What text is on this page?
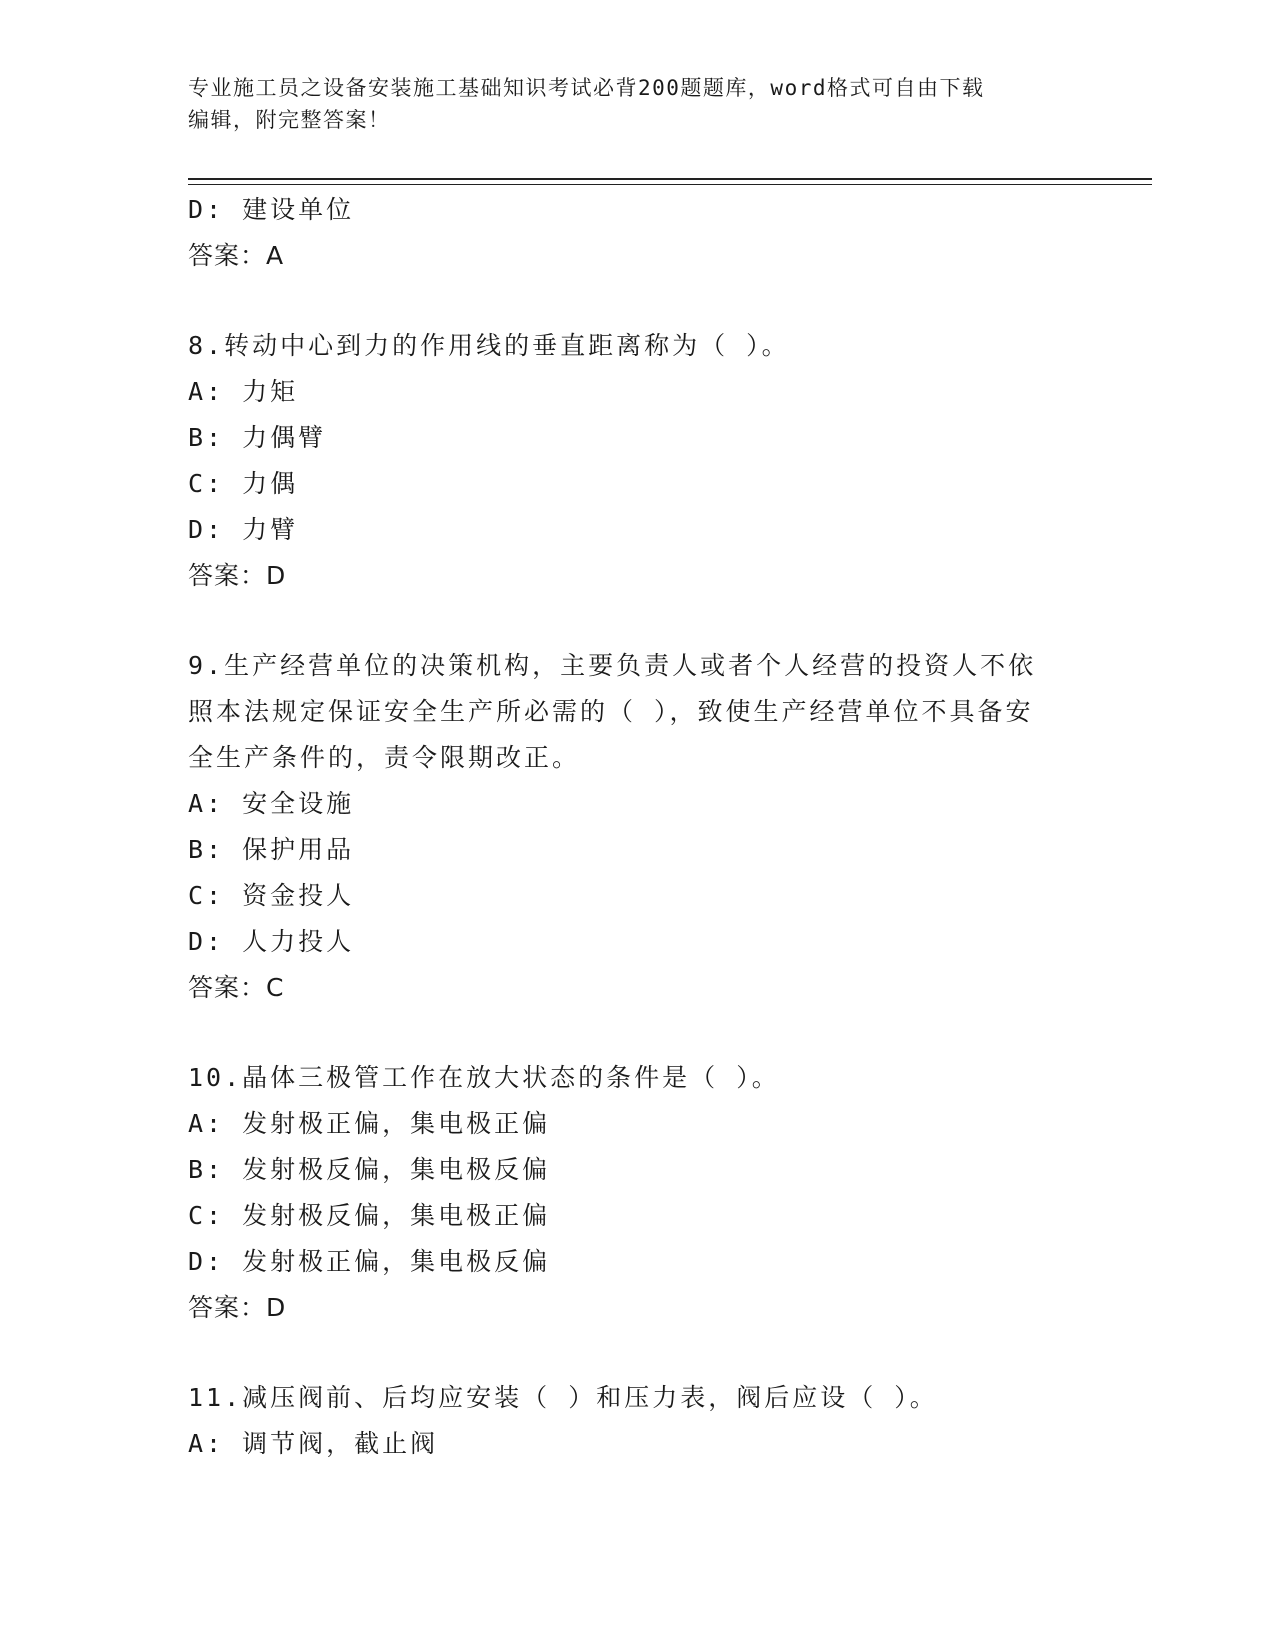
专业施工员之设备安装施工基础知识考试必背200题题库，word格式可自由下载
编辑，附完整答案！
D: 建设单位
答案：A
8.转动中心到力的作用线的垂直距离称为（ ）。
A: 力矩
B: 力偶臂
C: 力偶
D: 力臂
答案：D
9.生产经营单位的决策机构，主要负责人或者个人经营的投资人不依
照本法规定保证安全生产所必需的（ ），致使生产经营单位不具备安
全生产条件的，责令限期改正。
A: 安全设施
B: 保护用品
C: 资金投人
D: 人力投人
答案：C
10.晶体三极管工作在放大状态的条件是（ ）。
A: 发射极正偏，集电极正偏
B: 发射极反偏，集电极反偏
C: 发射极反偏，集电极正偏
D: 发射极正偏，集电极反偏
答案：D
11.减压阀前、后均应安装（ ）和压力表，阀后应设（ ）。
A: 调节阀，截止阀
